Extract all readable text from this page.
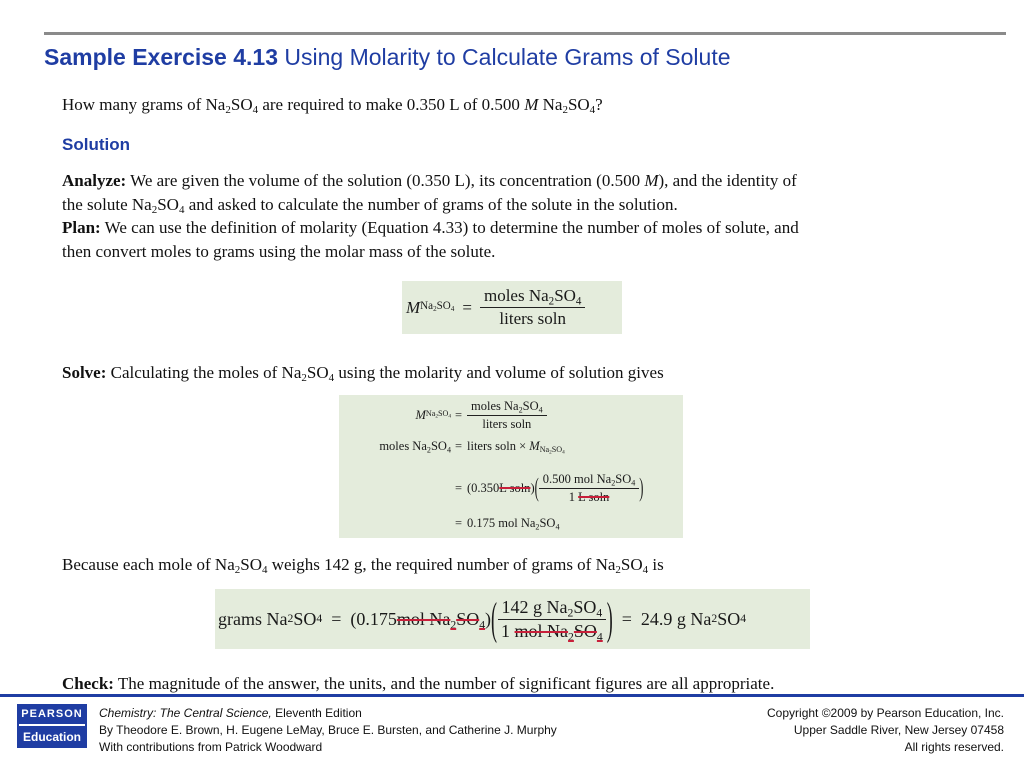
Sample Exercise 4.13 Using Molarity to Calculate Grams of Solute
How many grams of $Na_2SO_4$ are required to make 0.350 L of 0.500 M $Na_2SO_4$?
Solution
Analyze: We are given the volume of the solution (0.350 L), its concentration (0.500 M), and the identity of
the solute $Na_2SO_4$ and asked to calculate the number of grams of the solute in the solution.
Plan: We can use the definition of molarity (Equation 4.33) to determine the number of moles of solute, and
then convert moles to grams using the molar mass of the solute.
M $Na_2SO_4 = \frac{moles Na_2SO_4}{\text{liters soln}}$
Solve: Calculating the moles of $Na_2SO_4$ using the molarity and volume of solution gives
M $Na_2SO_4 = \frac{moles Na_2SO_4}{\text{liters soln}}$
moles $Na_2SO_4$ = liters $soln \times M_{Na_2SO_4}$
= (0.350 L soln ) ( $\frac{0.500 mol Na_2SO_4}{\text{1 L soln}}$ )
= 0.175 mol $Na_2SO_4$
Because each mole of $Na_2SO_4$ weighs 142 g, the required number of grams of $Na_2SO_4$ is
grams Na 2 SO 4 = (0.175 mol $Na_2SO_4$ ) ( $\frac{142 g Na_2SO_4}{1 mol Na_2SO_4}$ ) = 24.9 g Na 2 SO 4
Check: The magnitude of the answer, the units, and the number of significant figures are all appropriate.
PEARSON
Education
Chemistry: The Central Science, Eleventh Edition
By Theodore E. Brown, H. Eugene LeMay, Bruce E. Bursten, and Catherine J. Murphy
With contributions from Patrick Woodward
Copyright ©2009 by Pearson Education, Inc.
Upper Saddle River, New Jersey 07458
All rights reserved.
